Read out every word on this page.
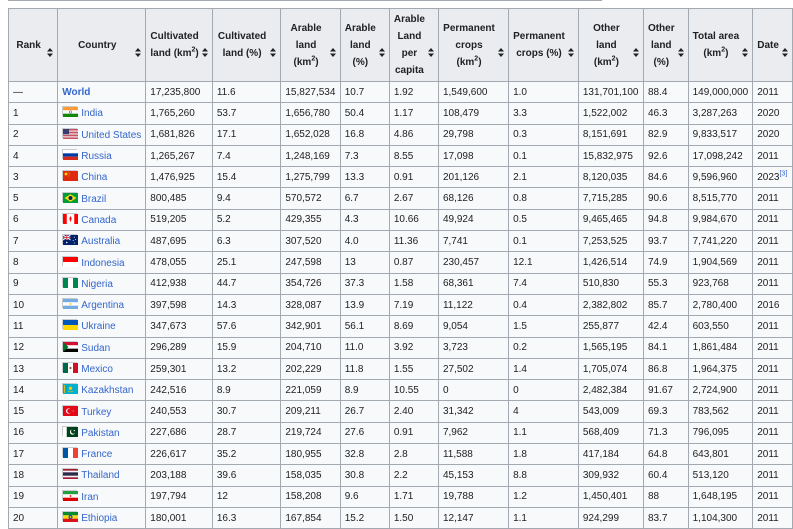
Rank	Country	Cultivated land $(km^2)$	Cultivated land (%)	Arable land $(km^2)$	Arable land (%)	Arable Land per capita	Permanent crops $(km^2)$	Permanent crops (%)	Other land $(km^2)$	Other land (%)	Total area $(km^2)$	Date

—	World	17,235,800	11.6	15,827,534	10.7	1.92	1,549,600	1.0	131,701,100	88.4	149,000,000	2011
1	India	1,765,260	53.7	1,656,780	50.4	1.17	108,479	3.3	1,522,002	46.3	3,287,263	2020
2	United States	1,681,826	17.1	1,652,028	16.8	4.86	29,798	0.3	8,151,691	82.9	9,833,517	2020
4	Russia	1,265,267	7.4	1,248,169	7.3	8.55	17,098	0.1	15,832,975	92.6	17,098,242	2011
3	China	1,476,925	15.4	1,275,799	13.3	0.91	201,126	2.1	8,120,035	84.6	9,596,960	2023[3]
5	Brazil	800,485	9.4	570,572	6.7	2.67	68,126	0.8	7,715,285	90.6	8,515,770	2011
6	Canada	519,205	5.2	429,355	4.3	10.66	49,924	0.5	9,465,465	94.8	9,984,670	2011
7	Australia	487,695	6.3	307,520	4.0	11.36	7,741	0.1	7,253,525	93.7	7,741,220	2011
8	Indonesia	478,055	25.1	247,598	13	0.87	230,457	12.1	1,426,514	74.9	1,904,569	2011
9	Nigeria	412,938	44.7	354,726	37.3	1.58	68,361	7.4	510,830	55.3	923,768	2011
10	Argentina	397,598	14.3	328,087	13.9	7.19	11,122	0.4	2,382,802	85.7	2,780,400	2016
11	Ukraine	347,673	57.6	342,901	56.1	8.69	9,054	1.5	255,877	42.4	603,550	2011
12	Sudan	296,289	15.9	204,710	11.0	3.92	3,723	0.2	1,565,195	84.1	1,861,484	2011
13	Mexico	259,301	13.2	202,229	11.8	1.55	27,502	1.4	1,705,074	86.8	1,964,375	2011
14	Kazakhstan	242,516	8.9	221,059	8.9	10.55	0	0	2,482,384	91.67	2,724,900	2011
15	Turkey	240,553	30.7	209,211	26.7	2.40	31,342	4	543,009	69.3	783,562	2011
16	Pakistan	227,686	28.7	219,724	27.6	0.91	7,962	1.1	568,409	71.3	796,095	2011
17	France	226,617	35.2	180,955	32.8	2.8	11,588	1.8	417,184	64.8	643,801	2011
18	Thailand	203,188	39.6	158,035	30.8	2.2	45,153	8.8	309,932	60.4	513,120	2011
19	Iran	197,794	12	158,208	9.6	1.71	19,788	1.2	1,450,401	88	1,648,195	2011
20	Ethiopia	180,001	16.3	167,854	15.2	1.50	12,147	1.1	924,299	83.7	1,104,300	2011
